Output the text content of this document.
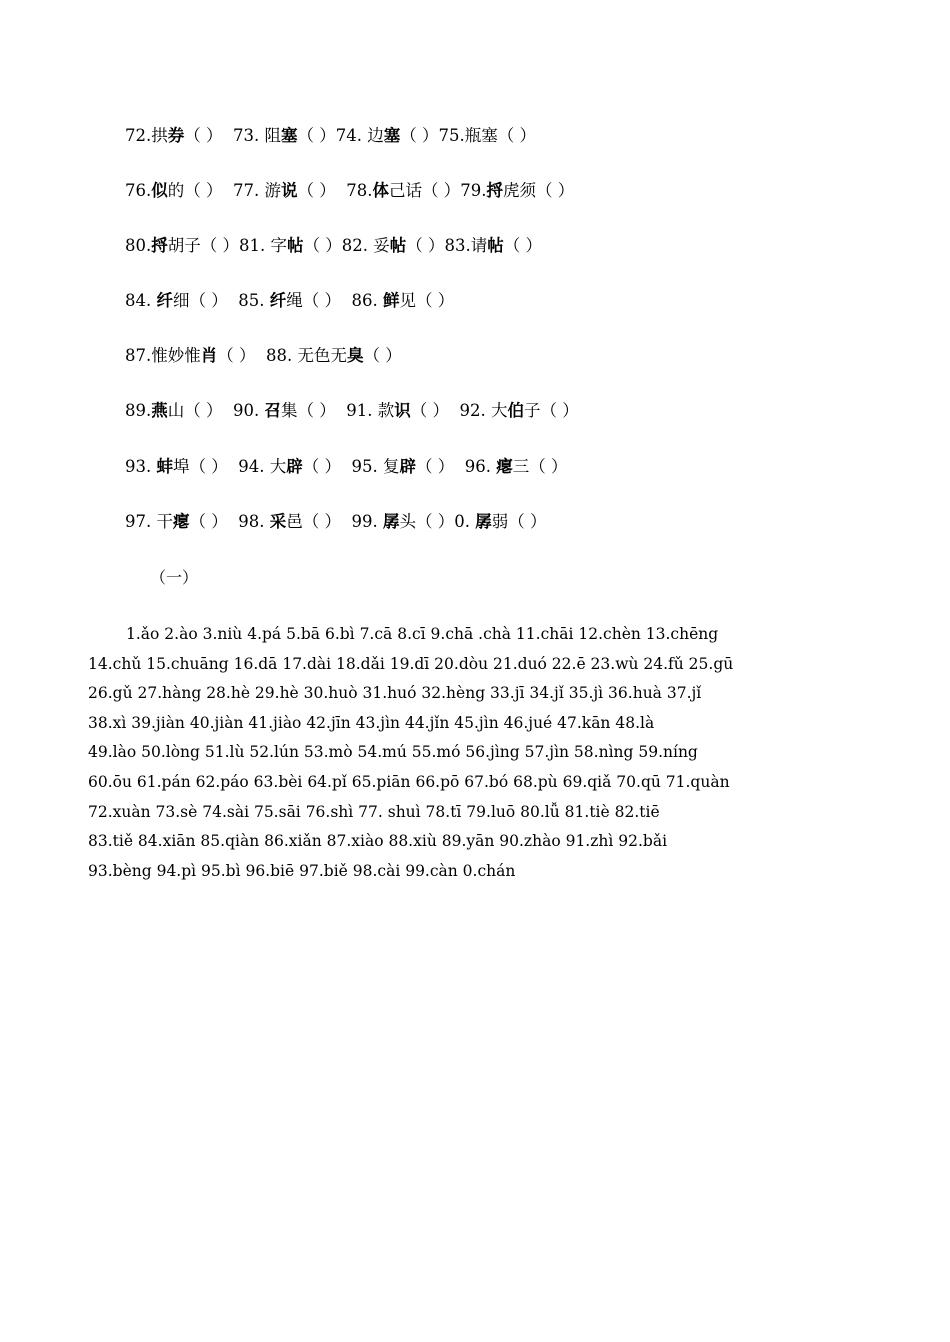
72.拱券（ ）  73. 阻塞（ ）74. 边塞（ ）75.瓶塞（ ）
76.似的（ ）  77. 游说（ ）  78.体己话（ ）79.捋虎须（ ）
80.捋胡子（ ）81. 字帖（ ）82. 妥帖（ ）83.请帖（ ）
84. 纤细（ ）  85. 纤绳（ ）  86. 鲜见（ ）
87.惟妙惟肖（ ）  88. 无色无臭（ ）
89.燕山（ ）  90. 召集（ ）  91. 款识（ ）  92. 大伯子（ ）
93. 蚌埠（ ）  94. 大辟（ ）  95. 复辟（ ）  96. 瘪三（ ）
97. 干瘪（ ）  98. 采邑（ ）  99. 孱头（ ）0. 孱弱（ ）
（一）
1.ǎo 2.ào 3.niù 4.pá 5.bā 6.bì 7.cā 8.cī 9.chā .chà 11.chāi 12.chèn 13.chēng
14.chǔ 15.chuāng 16.dā 17.dài 18.dǎi 19.dī 20.dòu 21.duó 22.ē 23.wù 24.fǔ 25.gū
26.gǔ 27.hàng 28.hè 29.hè 30.huò 31.huó 32.hèng 33.jī 34.jǐ 35.jì 36.huà 37.jǐ
38.xì 39.jiàn 40.jiàn 41.jiào 42.jīn 43.jìn 44.jǐn 45.jìn 46.jué 47.kān 48.là
49.lào 50.lòng 51.lù 52.lún 53.mò 54.mú 55.mó 56.jìng 57.jìn 58.nìng 59.níng
60.ōu 61.pán 62.páo 63.bèi 64.pǐ 65.piān 66.pō 67.bó 68.pù 69.qiǎ 70.qū 71.quàn
72.xuàn 73.sè 74.sài 75.sāi 76.shì 77. shuì 78.tī 79.luō 80.lǚ 81.tiè 82.tiē
83.tiě 84.xiān 85.qiàn 86.xiǎn 87.xiào 88.xiù 89.yān 90.zhào 91.zhì 92.bǎi
93.bèng 94.pì 95.bì 96.biē 97.biě 98.cài 99.càn 0.chán
